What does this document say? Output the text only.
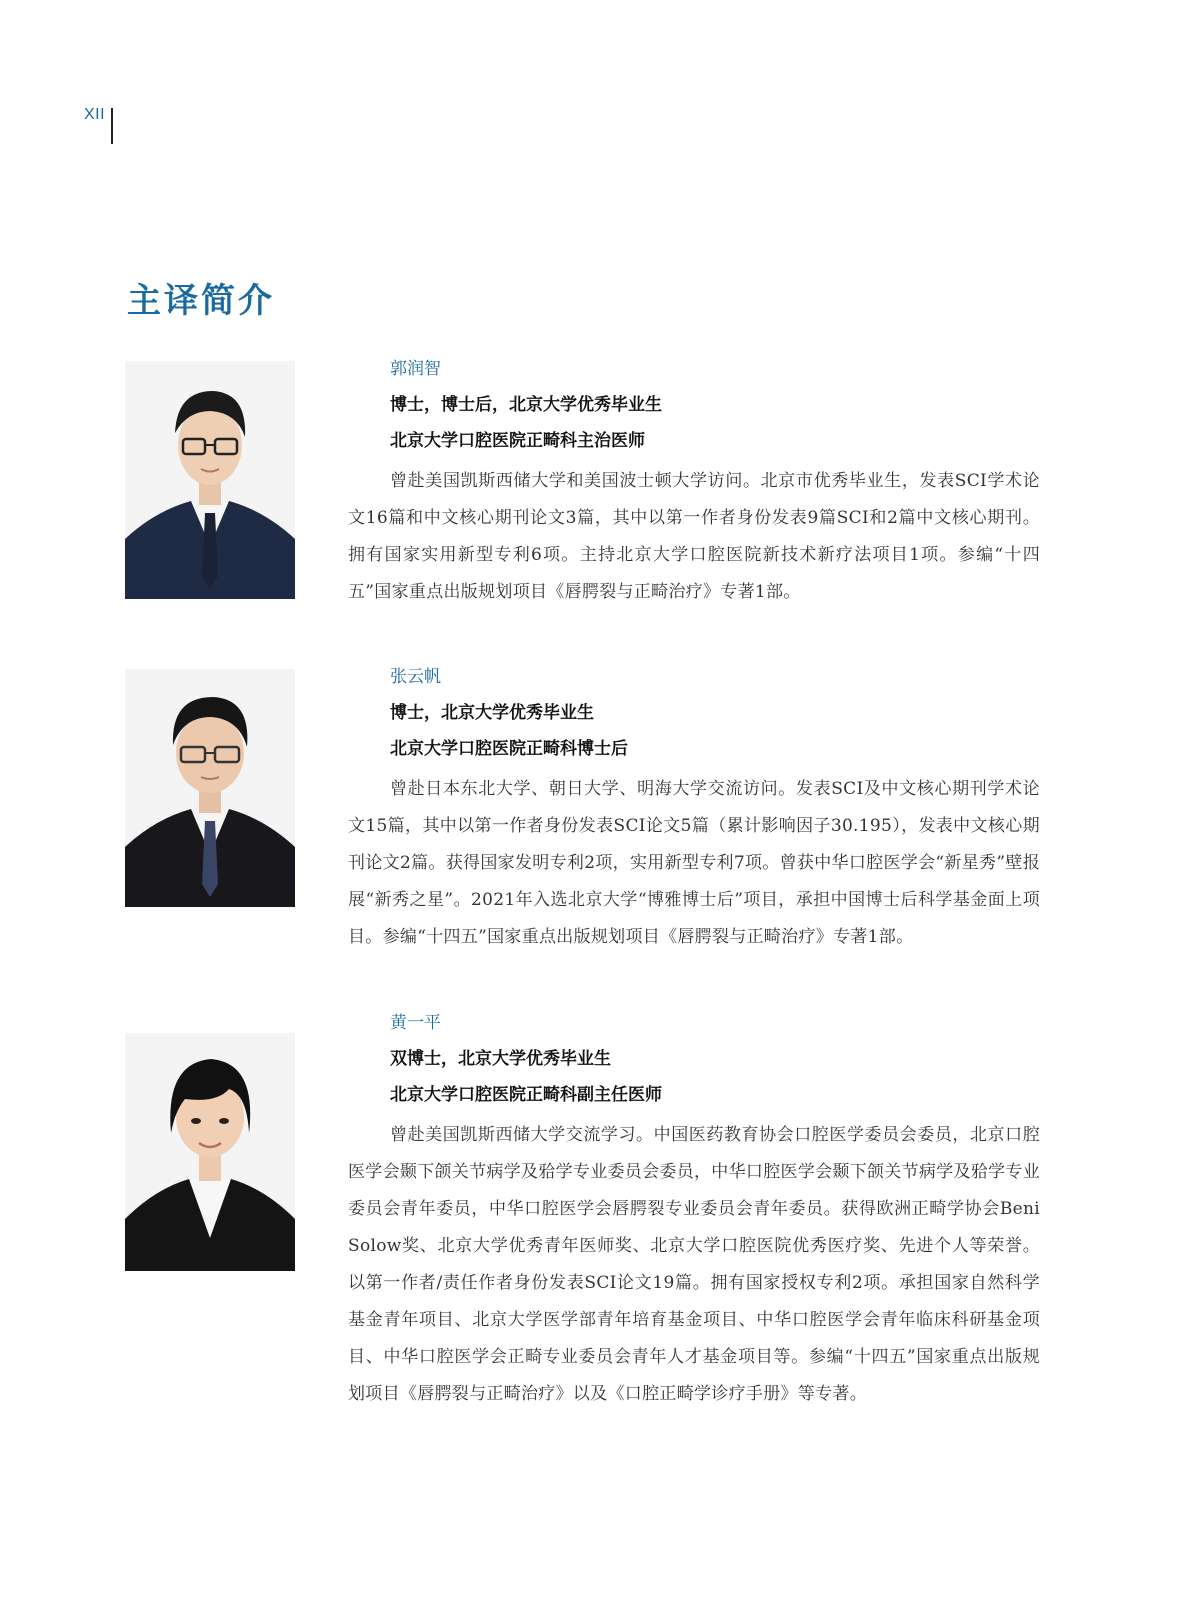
XII
主译简介
郭润智
博士，博士后，北京大学优秀毕业生
北京大学口腔医院正畸科主治医师

曾赴美国凯斯西储大学和美国波士顿大学访问。北京市优秀毕业生，发表SCI学术论文16篇和中文核心期刊论文3篇，其中以第一作者身份发表9篇SCI和2篇中文核心期刊。拥有国家实用新型专利6项。主持北京大学口腔医院新技术新疗法项目1项。参编“十四五”国家重点出版规划项目《唇腭裂与正畸治疗》专著1部。

张云帆
博士，北京大学优秀毕业生
北京大学口腔医院正畸科博士后

曾赴日本东北大学、朝日大学、明海大学交流访问。发表SCI及中文核心期刊学术论文15篇，其中以第一作者身份发表SCI论文5篇（累计影响因子30.195），发表中文核心期刊论文2篇。获得国家发明专利2项，实用新型专利7项。曾获中华口腔医学会“新星秀”壁报展“新秀之星”。2021年入选北京大学“博雅博士后”项目，承担中国博士后科学基金面上项目。参编“十四五”国家重点出版规划项目《唇腭裂与正畸治疗》专著1部。

黄一平
双博士，北京大学优秀毕业生
北京大学口腔医院正畸科副主任医师

曾赴美国凯斯西储大学交流学习。中国医药教育协会口腔医学委员会委员，北京口腔医学会颞下颌关节病学及𬌗学专业委员会委员，中华口腔医学会颞下颌关节病学及𬌗学专业委员会青年委员，中华口腔医学会唇腭裂专业委员会青年委员。获得欧洲正畸学协会Beni Solow奖、北京大学优秀青年医师奖、北京大学口腔医院优秀医疗奖、先进个人等荣誉。以第一作者/责任作者身份发表SCI论文19篇。拥有国家授权专利2项。承担国家自然科学基金青年项目、北京大学医学部青年培育基金项目、中华口腔医学会青年临床科研基金项目、中华口腔医学会正畸专业委员会青年人才基金项目等。参编“十四五”国家重点出版规划项目《唇腭裂与正畸治疗》以及《口腔正畸学诊疗手册》等专著。
